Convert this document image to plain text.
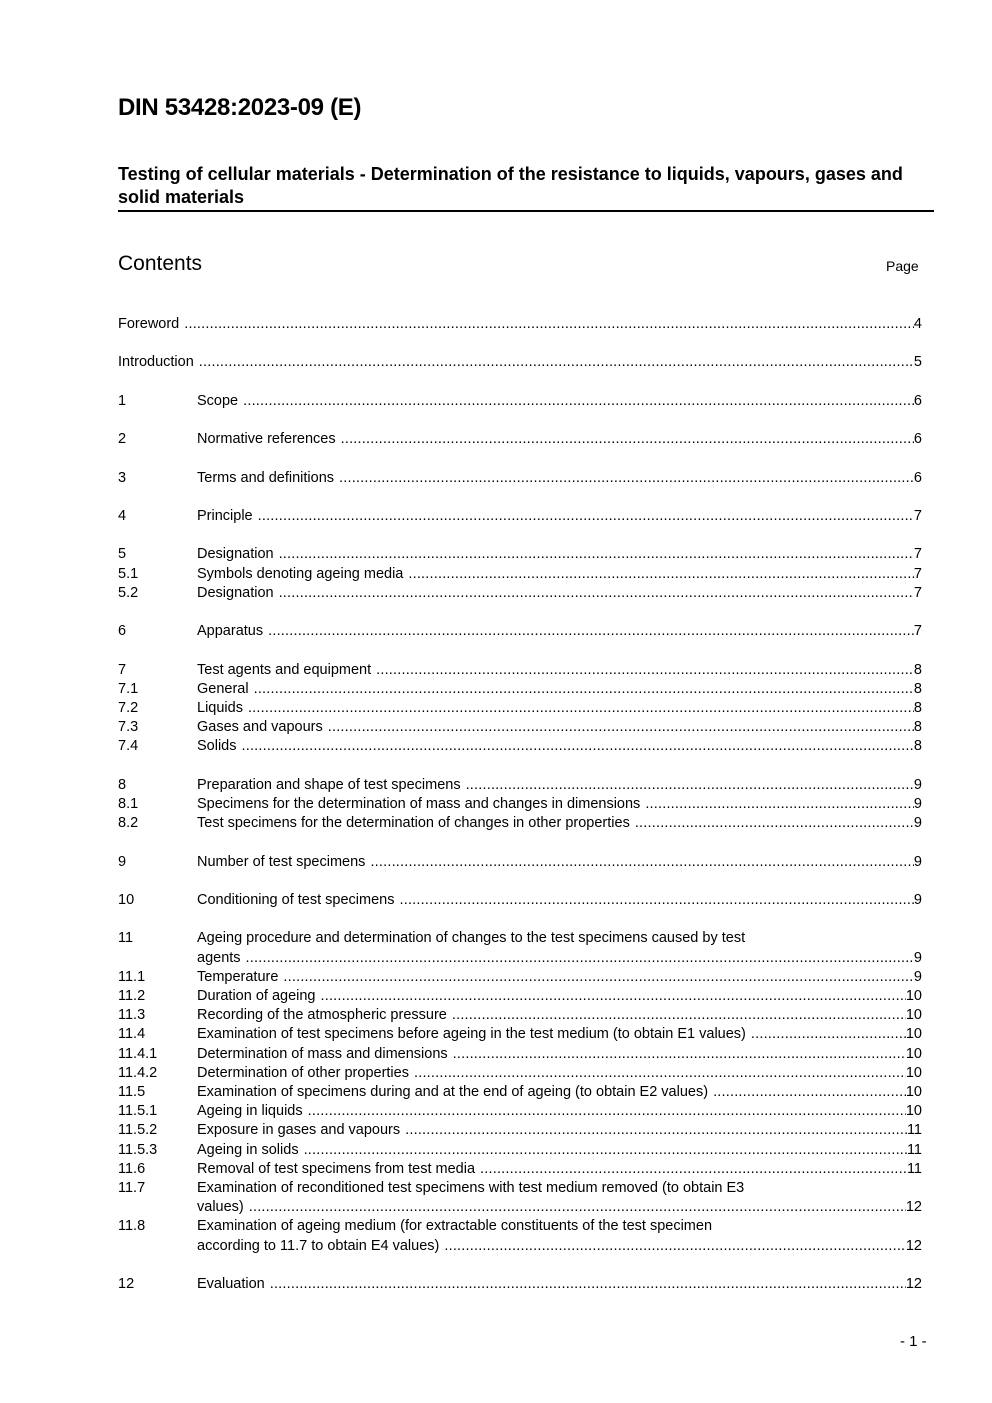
DIN 53428:2023-09 (E)
Testing of cellular materials - Determination of the resistance to liquids, vapours, gases and solid materials
Contents	Page
Foreword .....	4
Introduction .....	5
1	Scope .....	6
2	Normative references .....	6
3	Terms and definitions .....	6
4	Principle .....	7
5	Designation .....	7
5.1	Symbols denoting ageing media .....	7
5.2	Designation .....	7
6	Apparatus .....	7
7	Test agents and equipment .....	8
7.1	General .....	8
7.2	Liquids .....	8
7.3	Gases and vapours .....	8
7.4	Solids .....	8
8	Preparation and shape of test specimens .....	9
8.1	Specimens for the determination of mass and changes in dimensions .....	9
8.2	Test specimens for the determination of changes in other properties .....	9
9	Number of test specimens .....	9
10	Conditioning of test specimens .....	9
11	Ageing procedure and determination of changes to the test specimens caused by test
agents .....	9
11.1	Temperature .....	9
11.2	Duration of ageing .....	10
11.3	Recording of the atmospheric pressure .....	10
11.4	Examination of test specimens before ageing in the test medium (to obtain E1 values) .....	10
11.4.1	Determination of mass and dimensions .....	10
11.4.2	Determination of other properties .....	10
11.5	Examination of specimens during and at the end of ageing (to obtain E2 values) .....	10
11.5.1	Ageing in liquids .....	10
11.5.2	Exposure in gases and vapours .....	11
11.5.3	Ageing in solids .....	11
11.6	Removal of test specimens from test media .....	11
11.7	Examination of reconditioned test specimens with test medium removed (to obtain E3
values) .....	12
11.8	Examination of ageing medium (for extractable constituents of the test specimen
according to 11.7 to obtain E4 values) .....	12
12	Evaluation .....	12
- 1 -
